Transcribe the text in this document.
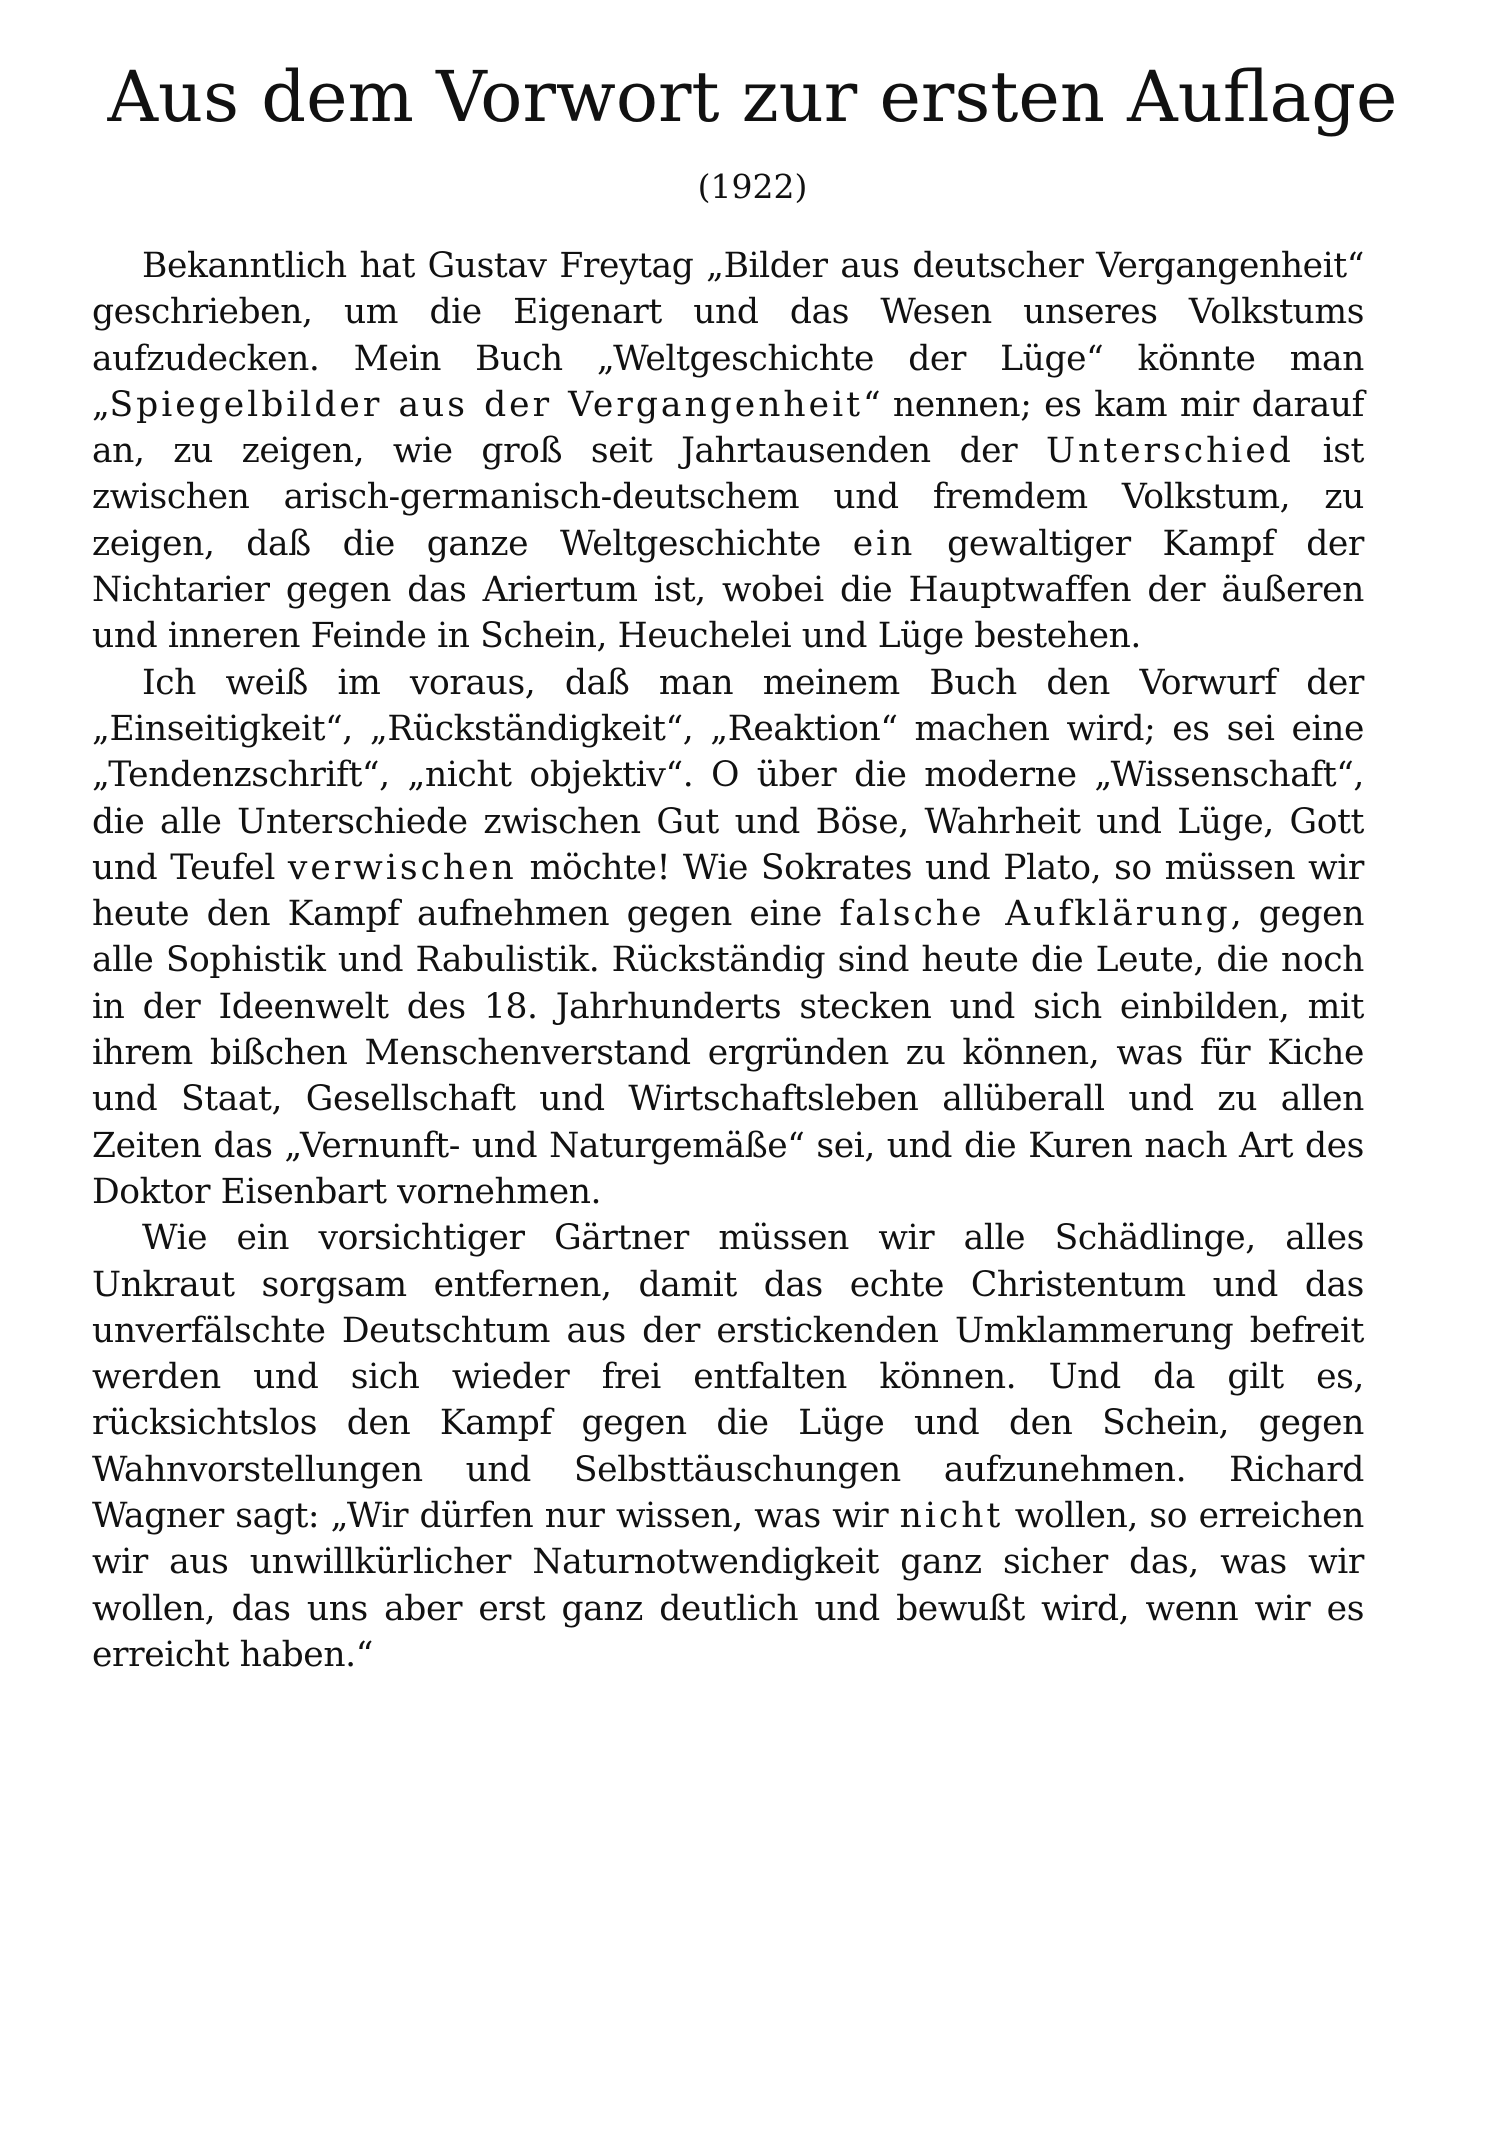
Aus dem Vorwort zur ersten Auflage
(1922)

Bekanntlich hat Gustav Freytag „Bilder aus deutscher Vergangenheit“ geschrieben, um die Eigenart und das Wesen unseres Volkstums aufzudecken. Mein Buch „Weltgeschichte der Lüge“ könnte man „Spiegelbilder aus der Vergangenheit“ nennen; es kam mir darauf an, zu zeigen, wie groß seit Jahrtausenden der Unterschied ist zwischen arisch-germanisch-deutschem und fremdem Volkstum, zu zeigen, daß die ganze Weltgeschichte ein gewaltiger Kampf der Nichtarier gegen das Ariertum ist, wobei die Hauptwaffen der äußeren und inneren Feinde in Schein, Heuchelei und Lüge bestehen.

Ich weiß im voraus, daß man meinem Buch den Vorwurf der „Einseitigkeit“, „Rückständigkeit“, „Reaktion“ machen wird; es sei eine „Tendenzschrift“, „nicht objektiv“. O über die moderne „Wissenschaft“, die alle Unterschiede zwischen Gut und Böse, Wahrheit und Lüge, Gott und Teufel verwischen möchte! Wie Sokrates und Plato, so müssen wir heute den Kampf aufnehmen gegen eine falsche Aufklärung, gegen alle Sophistik und Rabulistik. Rückständig sind heute die Leute, die noch in der Ideenwelt des 18. Jahrhunderts stecken und sich einbilden, mit ihrem bißchen Menschenverstand ergründen zu können, was für Kiche und Staat, Gesellschaft und Wirtschaftsleben allüberall und zu allen Zeiten das „Vernunft- und Naturgemäße“ sei, und die Kuren nach Art des Doktor Eisenbart vornehmen.

Wie ein vorsichtiger Gärtner müssen wir alle Schädlinge, alles Unkraut sorgsam entfernen, damit das echte Christentum und das unverfälschte Deutschtum aus der erstickenden Umklammerung befreit werden und sich wieder frei entfalten können. Und da gilt es, rücksichtslos den Kampf gegen die Lüge und den Schein, gegen Wahnvorstellungen und Selbsttäuschungen aufzunehmen. Richard Wagner sagt: „Wir dürfen nur wissen, was wir nicht wollen, so erreichen wir aus unwillkürlicher Naturnotwendigkeit ganz sicher das, was wir wollen, das uns aber erst ganz deutlich und bewußt wird, wenn wir es erreicht haben.“
